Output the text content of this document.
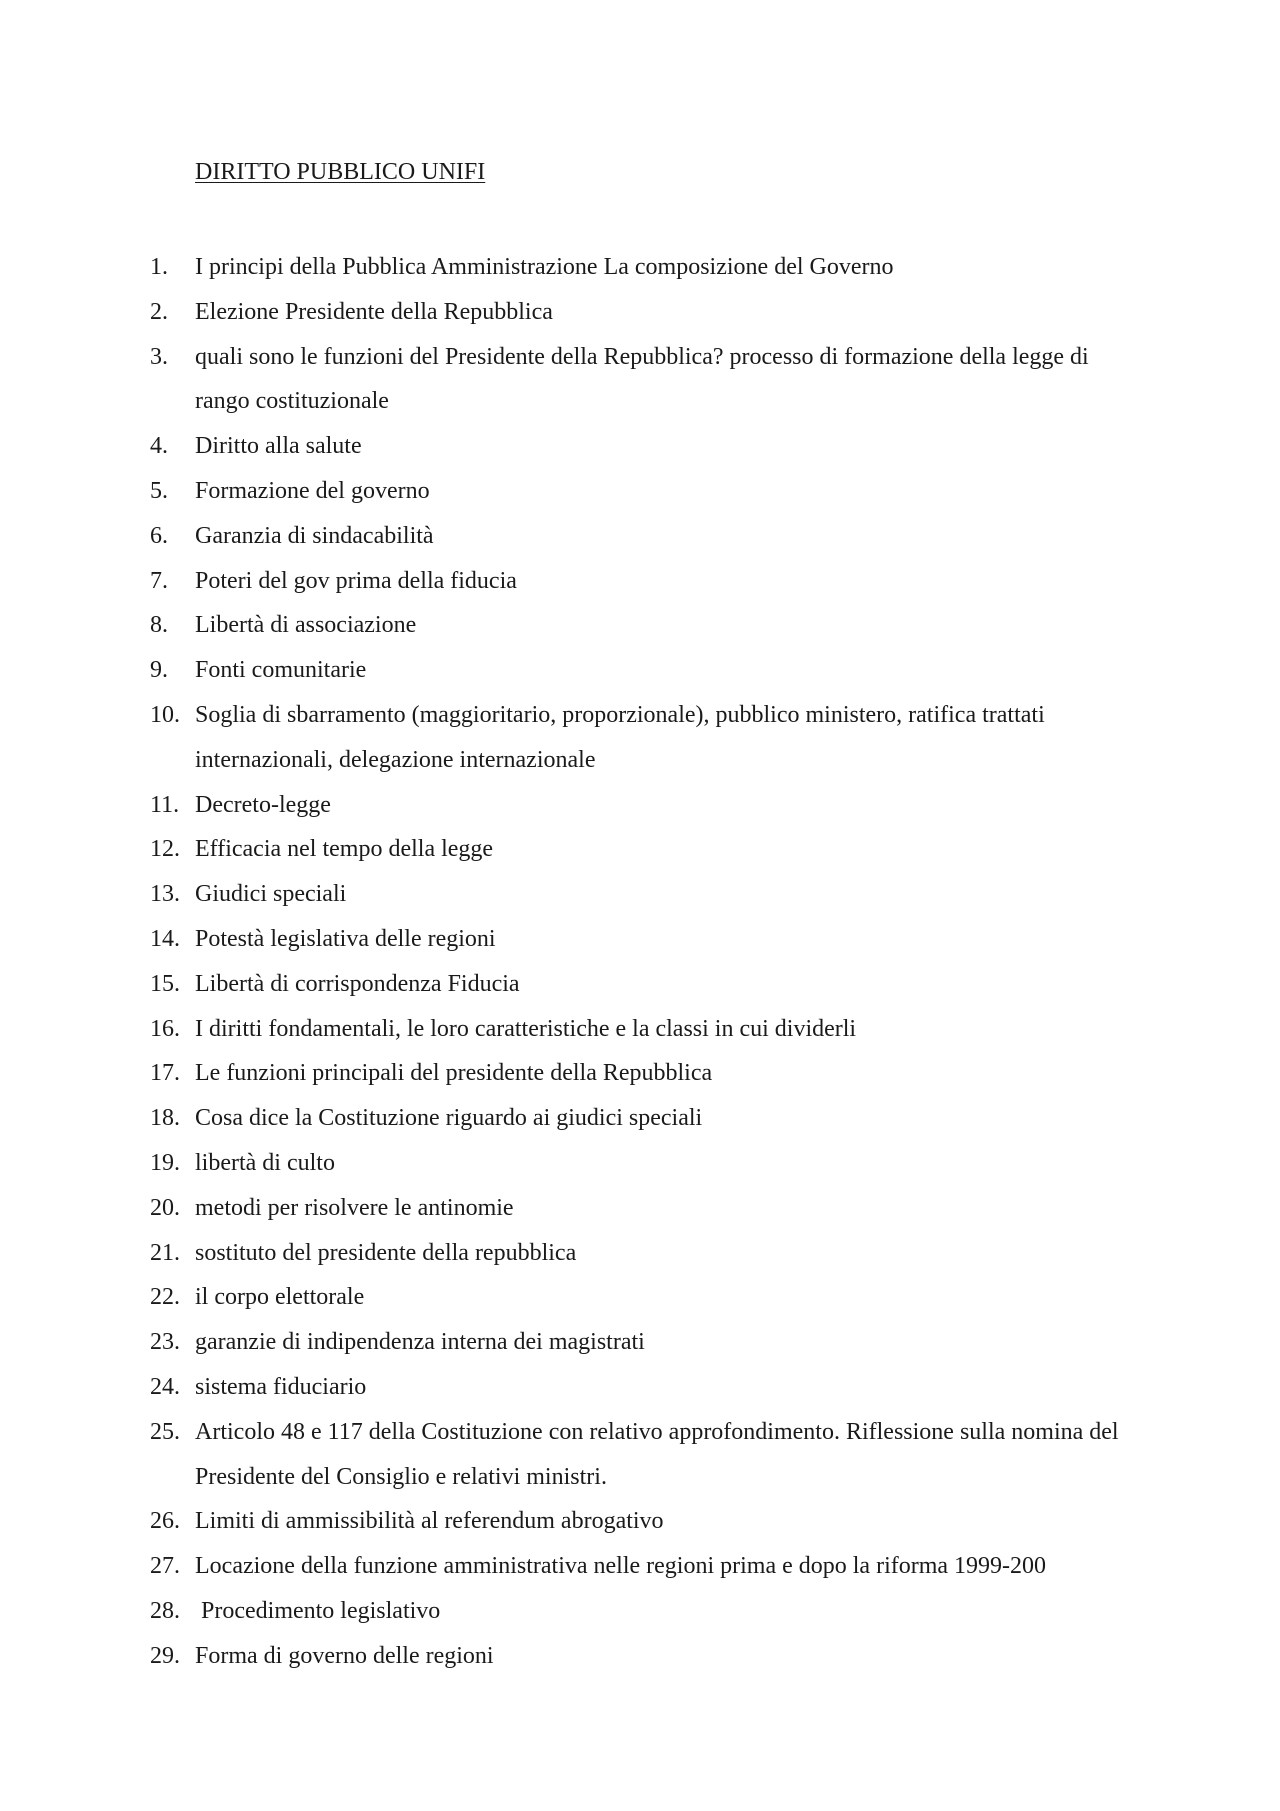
DIRITTO PUBBLICO UNIFI
1.	I principi della Pubblica Amministrazione La composizione del Governo
2.	Elezione Presidente della Repubblica
3.	quali sono le funzioni del Presidente della Repubblica? processo di formazione della legge di rango costituzionale
4.	Diritto alla salute
5.	Formazione del governo
6.	Garanzia di sindacabilità
7.	Poteri del gov prima della fiducia
8.	Libertà di associazione
9.	Fonti comunitarie
10. Soglia di sbarramento (maggioritario, proporzionale), pubblico ministero, ratifica trattati internazionali, delegazione internazionale
11. Decreto-legge
12. Efficacia nel tempo della legge
13. Giudici speciali
14. Potestà legislativa delle regioni
15. Libertà di corrispondenza Fiducia
16. I diritti fondamentali, le loro caratteristiche e la classi in cui dividerli
17. Le funzioni principali del presidente della Repubblica
18. Cosa dice la Costituzione riguardo ai giudici speciali
19. libertà di culto
20. metodi per risolvere le antinomie
21. sostituto del presidente della repubblica
22. il corpo elettorale
23. garanzie di indipendenza interna dei magistrati
24. sistema fiduciario
25. Articolo 48 e 117 della Costituzione con relativo approfondimento. Riflessione sulla nomina del Presidente del Consiglio e relativi ministri.
26. Limiti di ammissibilità al referendum abrogativo
27. Locazione della funzione amministrativa nelle regioni prima e dopo la riforma 1999-200
28. Procedimento legislativo
29. Forma di governo delle regioni
